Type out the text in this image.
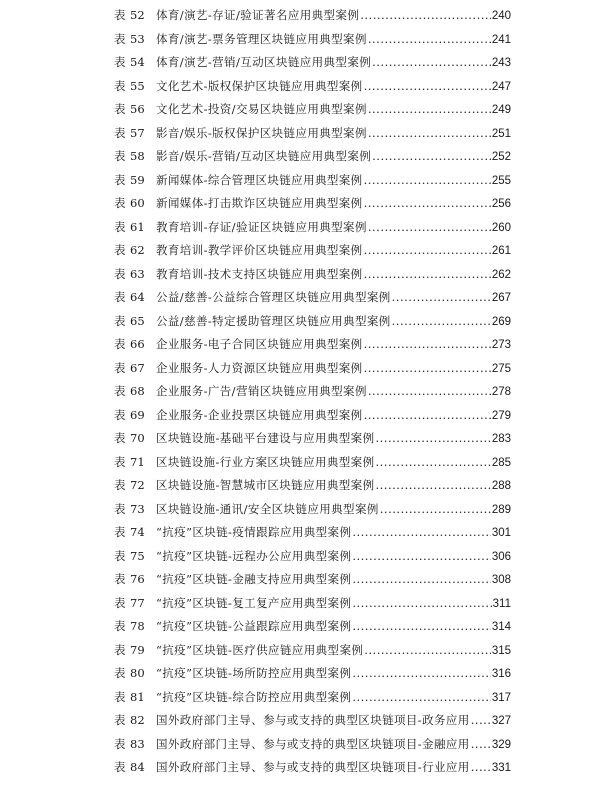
表 52 体育/演艺-存证/验证著名应用典型案例 .....	240
表 53 体育/演艺-票务管理区块链应用典型案例 .....	241
表 54 体育/演艺-营销/互动区块链应用典型案例 .....	243
表 55 文化艺术-版权保护区块链应用典型案例 .....	247
表 56 文化艺术-投资/交易区块链应用典型案例 .....	249
表 57 影音/娱乐-版权保护区块链应用典型案例 .....	251
表 58 影音/娱乐-营销/互动区块链应用典型案例 .....	252
表 59 新闻媒体-综合管理区块链应用典型案例 .....	255
表 60 新闻媒体-打击欺诈区块链应用典型案例 .....	256
表 61 教育培训-存证/验证区块链应用典型案例 .....	260
表 62 教育培训-教学评价区块链应用典型案例 .....	261
表 63 教育培训-技术支持区块链应用典型案例 .....	262
表 64 公益/慈善-公益综合管理区块链应用典型案例 .....	267
表 65 公益/慈善-特定援助管理区块链应用典型案例 .....	269
表 66 企业服务-电子合同区块链应用典型案例 .....	273
表 67 企业服务-人力资源区块链应用典型案例 .....	275
表 68 企业服务-广告/营销区块链应用典型案例 .....	278
表 69 企业服务-企业投票区块链应用典型案例 .....	279
表 70 区块链设施-基础平台建设与应用典型案例 .....	283
表 71 区块链设施-行业方案区块链应用典型案例 .....	285
表 72 区块链设施-智慧城市区块链应用典型案例 .....	288
表 73 区块链设施-通讯/安全区块链应用典型案例 .....	289
表 74 “抗疫”区块链-疫情跟踪应用典型案例 .....	301
表 75 “抗疫”区块链-远程办公应用典型案例 .....	306
表 76 “抗疫”区块链-金融支持应用典型案例 .....	308
表 77 “抗疫”区块链-复工复产应用典型案例 .....	311
表 78 “抗疫”区块链-公益跟踪应用典型案例 .....	314
表 79 “抗疫”区块链-医疗供应链应用典型案例 .....	315
表 80 “抗疫”区块链-场所防控应用典型案例 .....	316
表 81 “抗疫”区块链-综合防控应用典型案例 .....	317
表 82 国外政府部门主导、参与或支持的典型区块链项目-政务应用 ..... 327
表 83 国外政府部门主导、参与或支持的典型区块链项目-金融应用 ..... 329
表 84 国外政府部门主导、参与或支持的典型区块链项目-行业应用 ..... 331
